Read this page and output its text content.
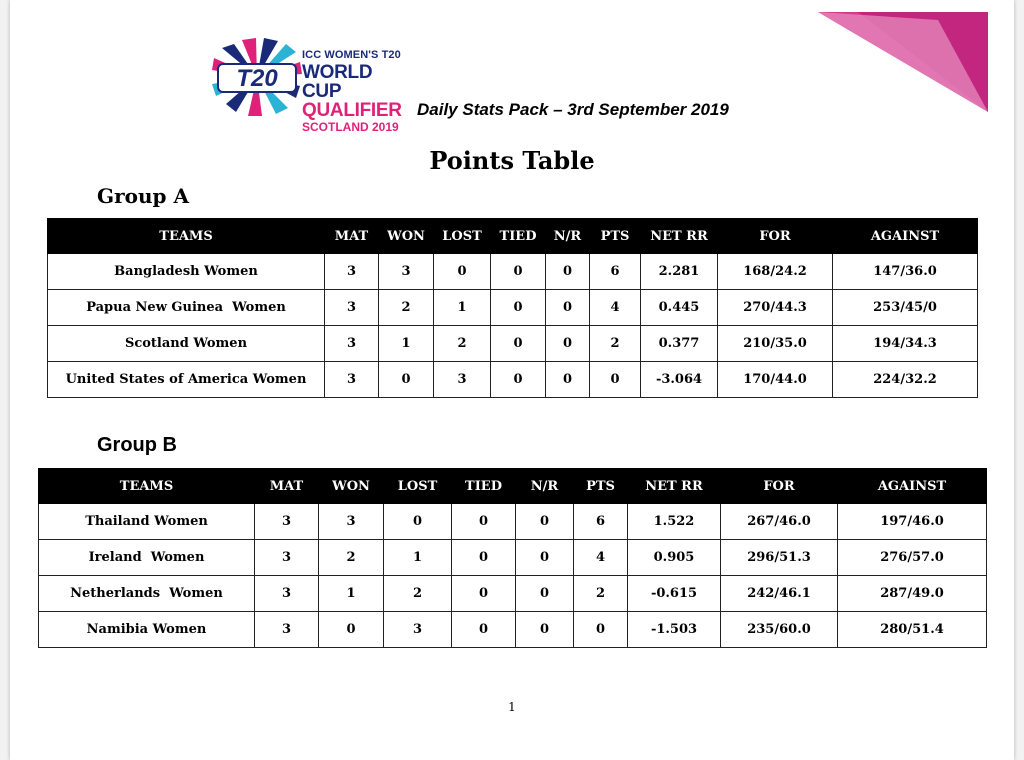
T20
ICC WOMEN'S T20
WORLD CUP
QUALIFIER
SCOTLAND 2019
Daily Stats Pack – 3rd September 2019
Points Table
Group A
TEAMS	MAT	WON	LOST	TIED	N/R	PTS	NET RR	FOR	AGAINST
Bangladesh Women	3	3	0	0	0	6	2.281	168/24.2	147/36.0
Papua New Guinea  Women	3	2	1	0	0	4	0.445	270/44.3	253/45/0
Scotland Women	3	1	2	0	0	2	0.377	210/35.0	194/34.3
United States of America Women	3	0	3	0	0	0	-3.064	170/44.0	224/32.2
Group B
TEAMS	MAT	WON	LOST	TIED	N/R	PTS	NET RR	FOR	AGAINST
Thailand Women	3	3	0	0	0	6	1.522	267/46.0	197/46.0
Ireland  Women	3	2	1	0	0	4	0.905	296/51.3	276/57.0
Netherlands  Women	3	1	2	0	0	2	-0.615	242/46.1	287/49.0
Namibia Women	3	0	3	0	0	0	-1.503	235/60.0	280/51.4
1
